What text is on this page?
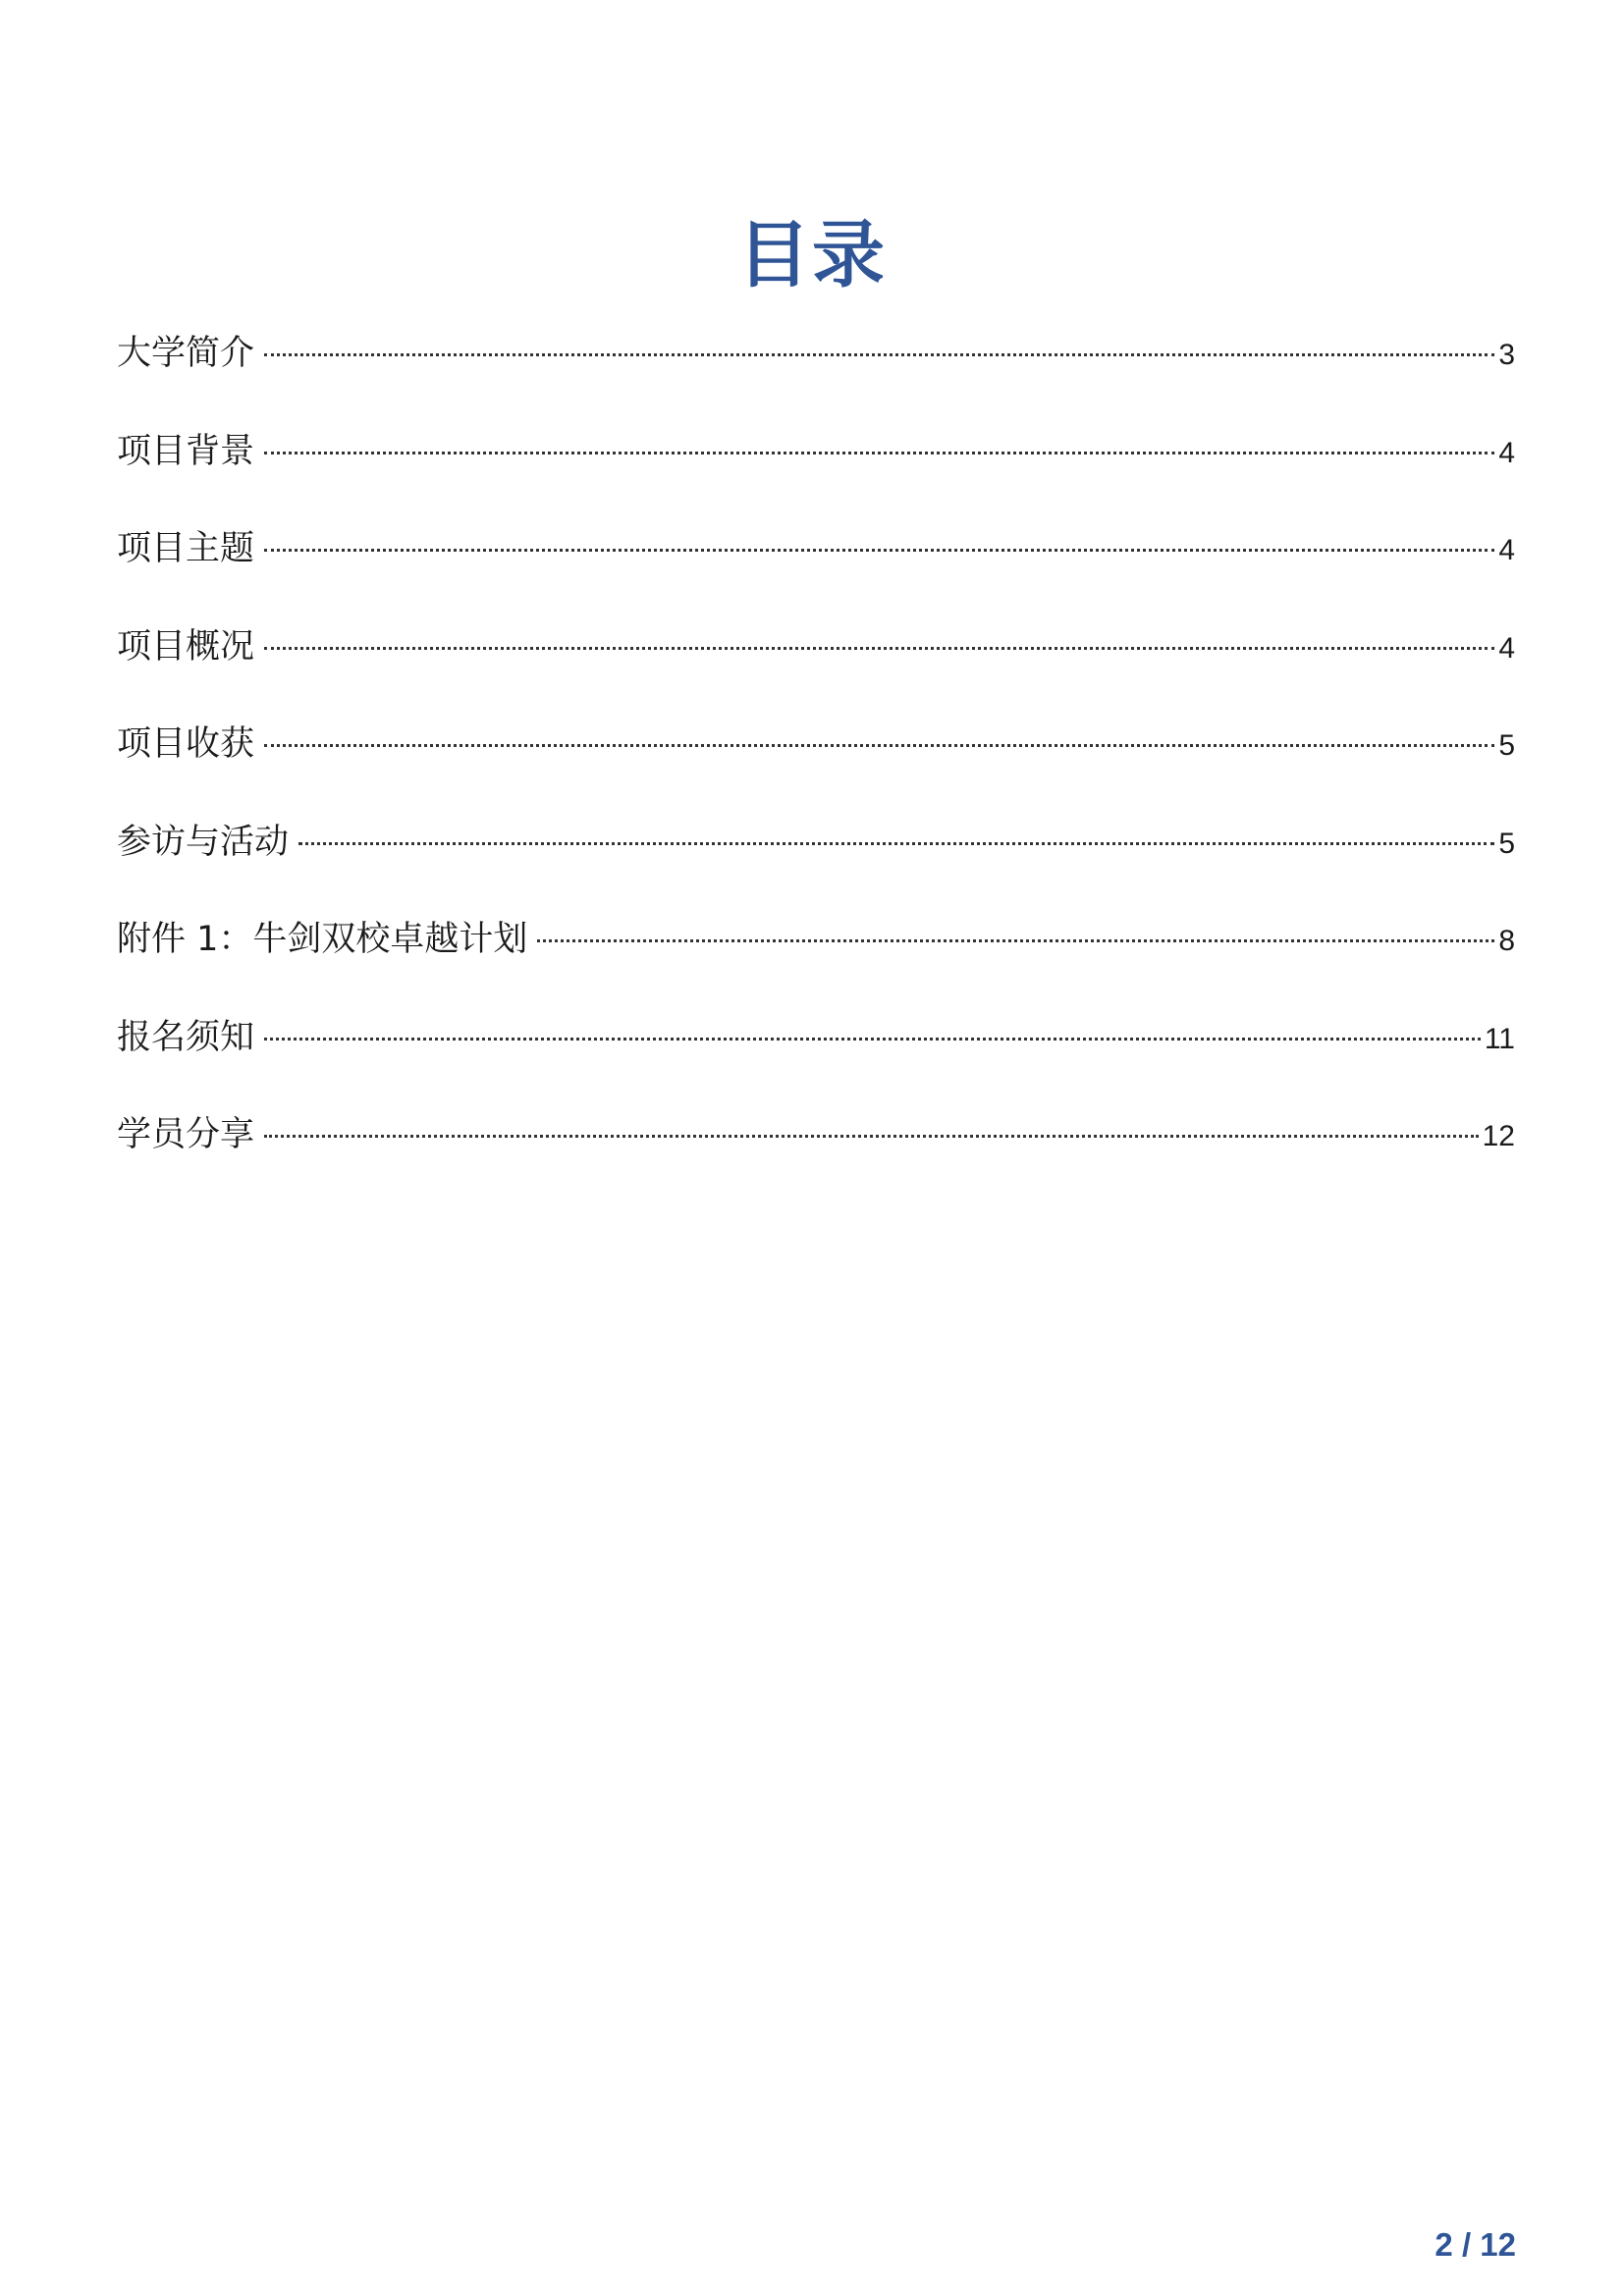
目录
大学简介	3
项目背景	4
项目主题	4
项目概况	4
项目收获	5
参访与活动	5
附件 1：牛剑双校卓越计划	8
报名须知	11
学员分享	12
2 / 12
